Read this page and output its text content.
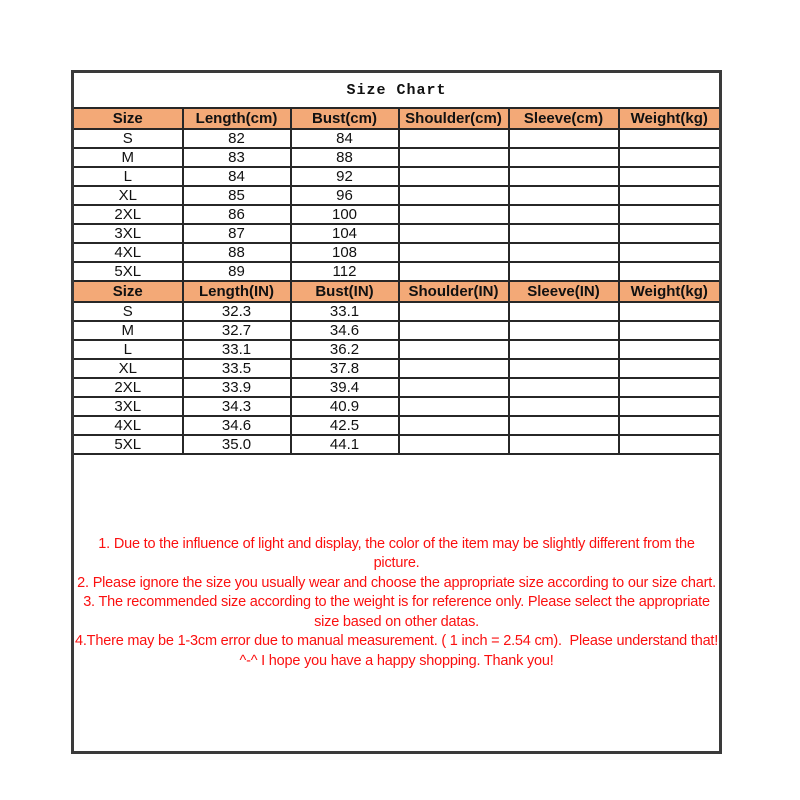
Size Chart					
Size	Length(cm)	Bust(cm)	Shoulder(cm)	Sleeve(cm)	Weight(kg)
S	82	84			
M	83	88			
L	84	92			
XL	85	96			
2XL	86	100			
3XL	87	104			
4XL	88	108			
5XL	89	112			
Size	Length(IN)	Bust(IN)	Shoulder(IN)	Sleeve(IN)	Weight(kg)
S	32.3	33.1			
M	32.7	34.6			
L	33.1	36.2			
XL	33.5	37.8			
2XL	33.9	39.4			
3XL	34.3	40.9			
4XL	34.6	42.5			
5XL	35.0	44.1			

1. Due to the influence of light and display, the color of the item may be slightly different from the
picture.
2. Please ignore the size you usually wear and choose the appropriate size according to our size chart.
3. The recommended size according to the weight is for reference only. Please select the appropriate
size based on other datas.
4.There may be 1-3cm error due to manual measurement. ( 1 inch = 2.54 cm).  Please understand that!
^-^ I hope you have a happy shopping. Thank you!
